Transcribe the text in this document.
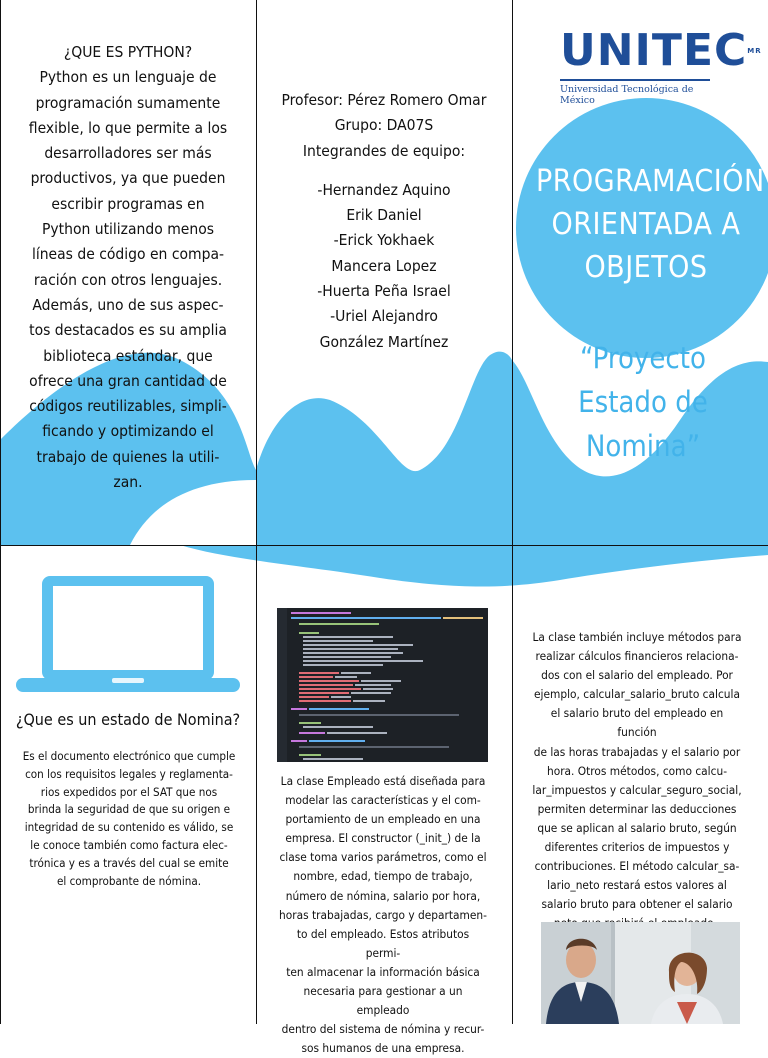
¿QUE ES PYTHON?
Python es un lenguaje de
programación sumamente
flexible, lo que permite a los
desarrolladores ser más
productivos, ya que pueden
escribir programas en
Python utilizando menos
líneas de código en compa-
ración con otros lenguajes.
Además, uno de sus aspec-
tos destacados es su amplia
biblioteca estándar, que
ofrece una gran cantidad de
códigos reutilizables, simpli-
ficando y optimizando el
trabajo de quienes la utili-
zan.
Profesor: Pérez Romero Omar
Grupo: DA07S
Integrandes de equipo:
-Hernandez Aquino
Erik Daniel
-Erick Yokhaek
Mancera Lopez
-Huerta Peña Israel
-Uriel Alejandro
González Martínez
$UNITEC^{MR}$
Universidad Tecnológica de México
PROGRAMACIÓN
ORIENTADA A
OBJETOS
“Proyecto
Estado de
Nomina”
¿Que es un estado de Nomina?
Es el documento electrónico que cumple
con los requisitos legales y reglamenta-
rios expedidos por el SAT que nos
brinda la seguridad de que su origen e
integridad de su contenido es válido, se
le conoce también como factura elec-
trónica y es a través del cual se emite
el comprobante de nómina.
La clase Empleado está diseñada para
modelar las características y el com-
portamiento de un empleado en una
empresa. El constructor (_init_) de la
clase toma varios parámetros, como el
nombre, edad, tiempo de trabajo,
número de nómina, salario por hora,
horas trabajadas, cargo y departamen-
to del empleado. Estos atributos permi-
ten almacenar la información básica
necesaria para gestionar a un empleado
dentro del sistema de nómina y recur-
sos humanos de una empresa.
La clase también incluye métodos para
realizar cálculos financieros relaciona-
dos con el salario del empleado. Por
ejemplo, calcular_salario_bruto calcula
el salario bruto del empleado en función
de las horas trabajadas y el salario por
hora. Otros métodos, como calcu-
lar_impuestos y calcular_seguro_social,
permiten determinar las deducciones
que se aplican al salario bruto, según
diferentes criterios de impuestos y
contribuciones. El método calcular_sa-
lario_neto restará estos valores al
salario bruto para obtener el salario
